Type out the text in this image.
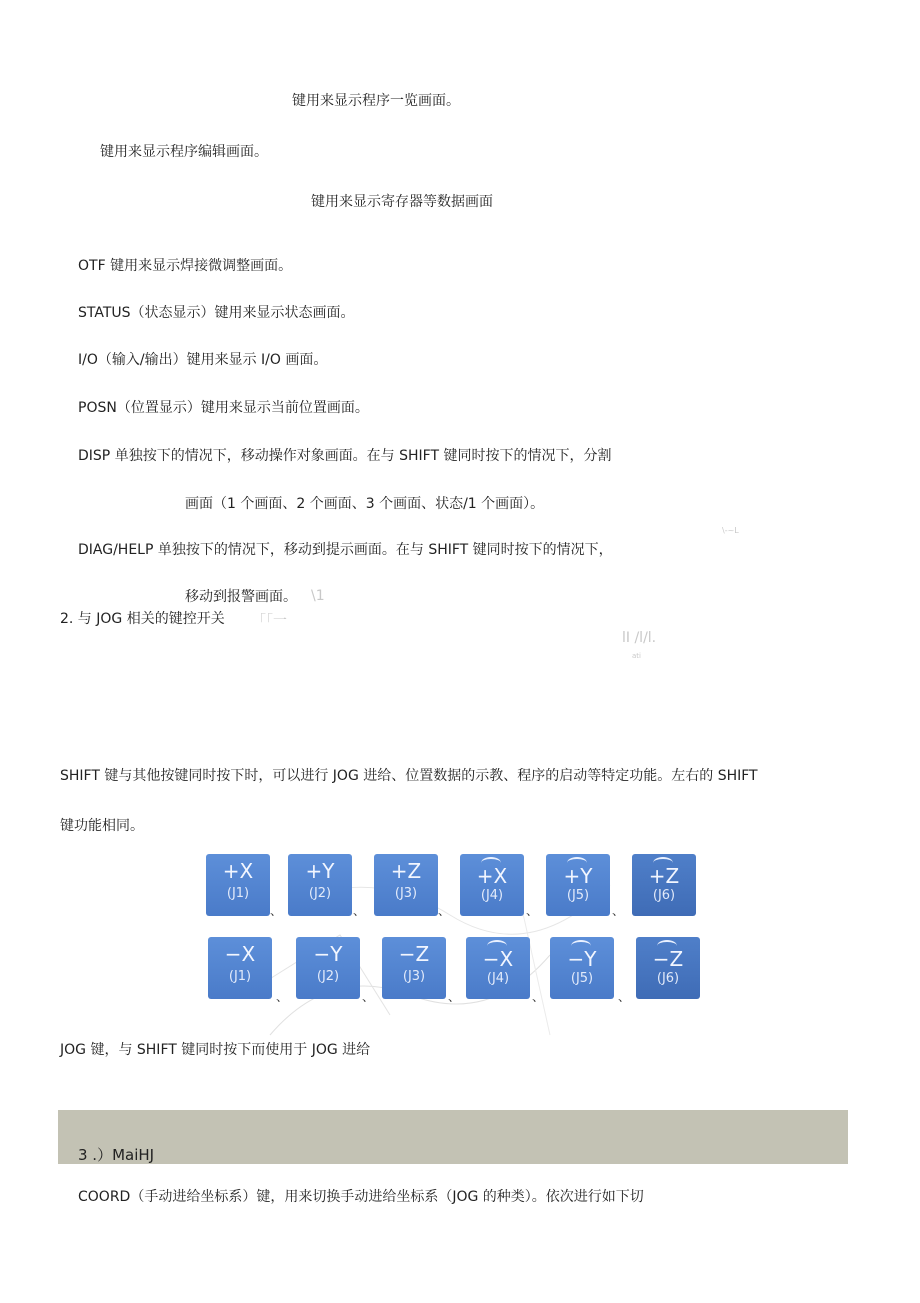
键用来显示程序一览画面。
键用来显示程序编辑画面。
键用来显示寄存器等数据画面
OTF 键用来显示焊接微调整画面。
STATUS（状态显示）键用来显示状态画面。
I/O（输入/输出）键用来显示 I/O 画面。
POSN（位置显示）键用来显示当前位置画面。
DISP 单独按下的情况下，移动操作对象画面。在与 SHIFT 键同时按下的情况下，分割
画面（1 个画面、2 个画面、3 个画面、状态/1 个画面）。
\-~L
DIAG/HELP 单独按下的情况下，移动到提示画面。在与 SHIFT 键同时按下的情况下，
移动到报警画面。 \1
2. 与 JOG 相关的键控开关 「「一
lI /l/l.
ati
SHIFT 键与其他按键同时按下时，可以进行 JOG 进给、位置数据的示教、程序的启动等特定功能。左右的 SHIFT
键功能相同。
+X
(J1)
、
+Y
(J2)
、
+Z
(J3)
、
+X
(J4)
、
+Y
(J5)
、
+Z
(J6)
−X
(J1)
、
−Y
(J2)
、
−Z
(J3)
、
−X
(J4)
、
−Y
(J5)
、
−Z
(J6)
JOG 键，与 SHIFT 键同时按下而使用于 JOG 进给
3 .）MaiHJ
COORD（手动进给坐标系）键，用来切换手动进给坐标系（JOG 的种类）。依次进行如下切
